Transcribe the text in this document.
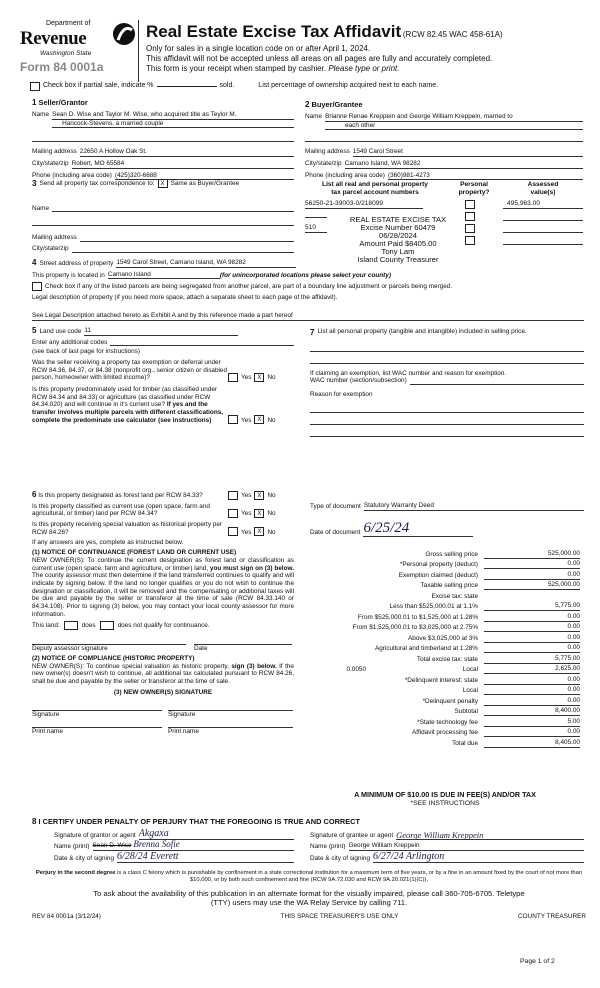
Department of
Revenue
Washington State
Form 84 0001a
Real Estate Excise Tax Affidavit (RCW 82.45 WAC 458-61A)
Only for sales in a single location code on or after April 1, 2024.
This affidavit will not be accepted unless all areas on all pages are fully and accurately completed.
This form is your receipt when stamped by cashier. Please type or print.
Check box if partial sale, indicate %	sold.	List percentage of ownership acquired next to each name.
1 Seller/Grantor
Name Sean D. Wise and Taylor M. Wise, who acquired title as Teylor M.
Hancock-Stevens, a married couple
Mailing address 22650 A Hollow Oak St.
City/state/zip Robert, MO 65584
Phone (including area code) (425)320-6688
2 Buyer/Grantee
Name Brianne Renae Kreppein and George William Kreppein, married to
each other
Mailing address 1549 Carol Street
City/state/zip Camano Island, WA 98282
Phone (including area code) (360)981-4273
3 Send all property tax correspondence to: X Same as Buyer/Grantee
Name
Mailing address
City/state/zip
List all real and personal property
tax parcel account numbers
Personal
property?
Assessed
value(s)
56250-21-39003-0/218099	495,963.00
510
REAL ESTATE EXCISE TAX
Excise Number 60479
06/28/2024
Amount Paid $8405.00
Tony Lam
Island County Treasurer
4 Street address of property 1549 Carol Street, Camano Island, WA 98282
This property is located in Camano Island	(for unincorporated locations please select your county)
Check box if any of the listed parcels are being segregated from another parcel, are part of a boundary line adjustment or parcels being merged.
Legal description of property (if you need more space, attach a separate sheet to each page of the affidavit).
See Legal Description attached hereto as Exhibit A and by this reference made a part hereof
5 Land use code 11
Enter any additional codes
(see back of last page for instructions)
Was the seller receiving a property tax exemption or deferral under RCW 84.36, 84.37, or 84.38 (nonprofit org., senior citizen or disabled person, homeowner with limited income)?	Yes X No
Is this property predominately used for timber (as classified under RCW 84.34 and 84.33) or agriculture (as classified under RCW 84.34.020) and will continue in it's current use? If yes and the transfer involves multiple parcels with different classifications, complete the predominate use calculator (see instructions)	Yes X No
7 List all personal property (tangible and intangible) included in selling price.
If claiming an exemption, list WAC number and reason for exemption.
WAC number (section/subsection)
Reason for exemption
6 Is this property designated as forest land per RCW 84.33?	Yes X No
Is this property classified as current use (open space, farm and agricultural, or timber) land per RCW 84.34?	Yes X No
Is this property receiving special valuation as historical property per RCW 84.26?	Yes X No
If any answers are yes, complete as instructed below.
(1) NOTICE OF CONTINUANCE (FOREST LAND OR CURRENT USE)
NEW OWNER(S): To continue the current designation as forest land or classification as current use (open space, farm and agriculture, or timber) land, you must sign on (3) below. The county assessor must then determine if the land transferred continues to qualify and will indicate by signing below. If the land no longer qualifies or you do not wish to continue the designation or classification, it will be removed and the compensating or additional taxes will be due and payable by the seller or transferor at the time of sale (RCW 84.33.140 or 84.34.108). Prior to signing (3) below, you may contact your local county assessor for more information.
This land:	does	does not qualify for continuance.
Deputy assessor signature	Date
(2) NOTICE OF COMPLIANCE (HISTORIC PROPERTY)
NEW OWNER(S): To continue special valuation as historic property, sign (3) below. If the new owner(s) doesn't wish to continue, all additional tax calculated pursuant to RCW 84.26, shall be due and payable by the seller or transferor at the time of sale.
(3) NEW OWNER(S) SIGNATURE
Signature	Signature
Print name	Print name
Type of document Statutory Warranty Deed
Date of document 6/25/24
Gross selling price	525,000.00
*Personal property (deduct)	0.00
Exemption claimed (deduct)	0.00
Taxable selling price	525,000.00
Excise tax: state
Less than $525,000.01 at 1.1%	5,775.00
From $525,000.01 to $1,525,000 at 1.28%	0.00
From $1,525,000.01 to $3,025,000 at 2.75%	0.00
Above $3,025,000 at 3%	0.00
Agricultural and timberland at 1.28%	0.00
Total excise tax: state	5,775.00
0.0050	Local	2,625.00
*Delinquent interest: state	0.00
Local	0.00
*Delinquent penalty	0.00
Subtotal	8,400.00
*State technology fee	5.00
Affidavit processing fee	0.00
Total due	8,405.00
A MINIMUM OF $10.00 IS DUE IN FEE(S) AND/OR TAX
*SEE INSTRUCTIONS
8 I CERTIFY UNDER PENALTY OF PERJURY THAT THE FOREGOING IS TRUE AND CORRECT
Signature of grantor or agent Akgaxa
Name (print) Sean D. Wise Brenna Sofie
Date & city of signing 6/28/24 Everett
Signature of grantee or agent George William Kreppein
Name (print) George William Kreppein
Date & city of signing 6/27/24 Arlington
Perjury in the second degree is a class C felony which is punishable by confinement in a state correctional institution for a maximum term of five years, or by a fine in an amount fixed by the court of not more than $10,000, or by both such confinement and fine (RCW 9A.72.030 and RCW 9A.20.021(1)(C)).
To ask about the availability of this publication in an alternate format for the visually impaired, please call 360-705-6705. Teletype
(TTY) users may use the WA Relay Service by calling 711.
REV 84 0001a (3/12/24)	THIS SPACE TREASURER'S USE ONLY	COUNTY TREASURER
Page 1 of 2
